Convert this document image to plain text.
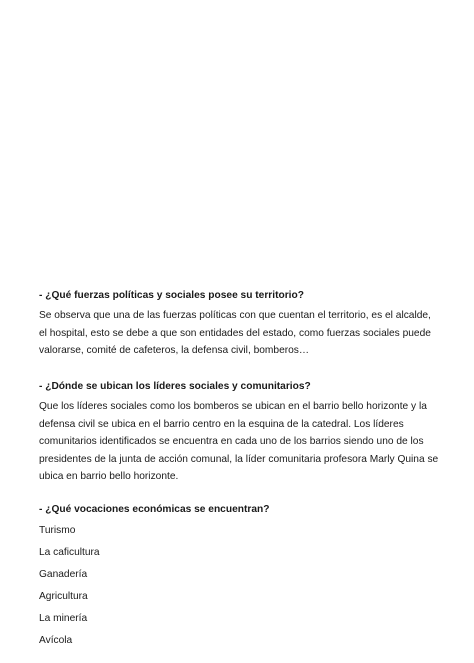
- ¿Qué fuerzas políticas y sociales posee su territorio?
Se observa que una de las fuerzas políticas con que cuentan el territorio, es el alcalde, el hospital, esto se debe a que son entidades del estado, como fuerzas sociales puede valorarse, comité de cafeteros, la defensa civil, bomberos…
- ¿Dónde se ubican los líderes sociales y comunitarios?
Que los líderes sociales como los bomberos se ubican en el barrio bello horizonte y la defensa civil se ubica en el barrio centro en la esquina de la catedral. Los líderes comunitarios identificados se encuentra en cada uno de los barrios siendo uno de los presidentes de la junta de acción comunal, la líder comunitaria profesora Marly Quina se ubica en barrio bello horizonte.
- ¿Qué vocaciones económicas se encuentran?
Turismo
La caficultura
Ganadería
Agricultura
La minería
Avícola
